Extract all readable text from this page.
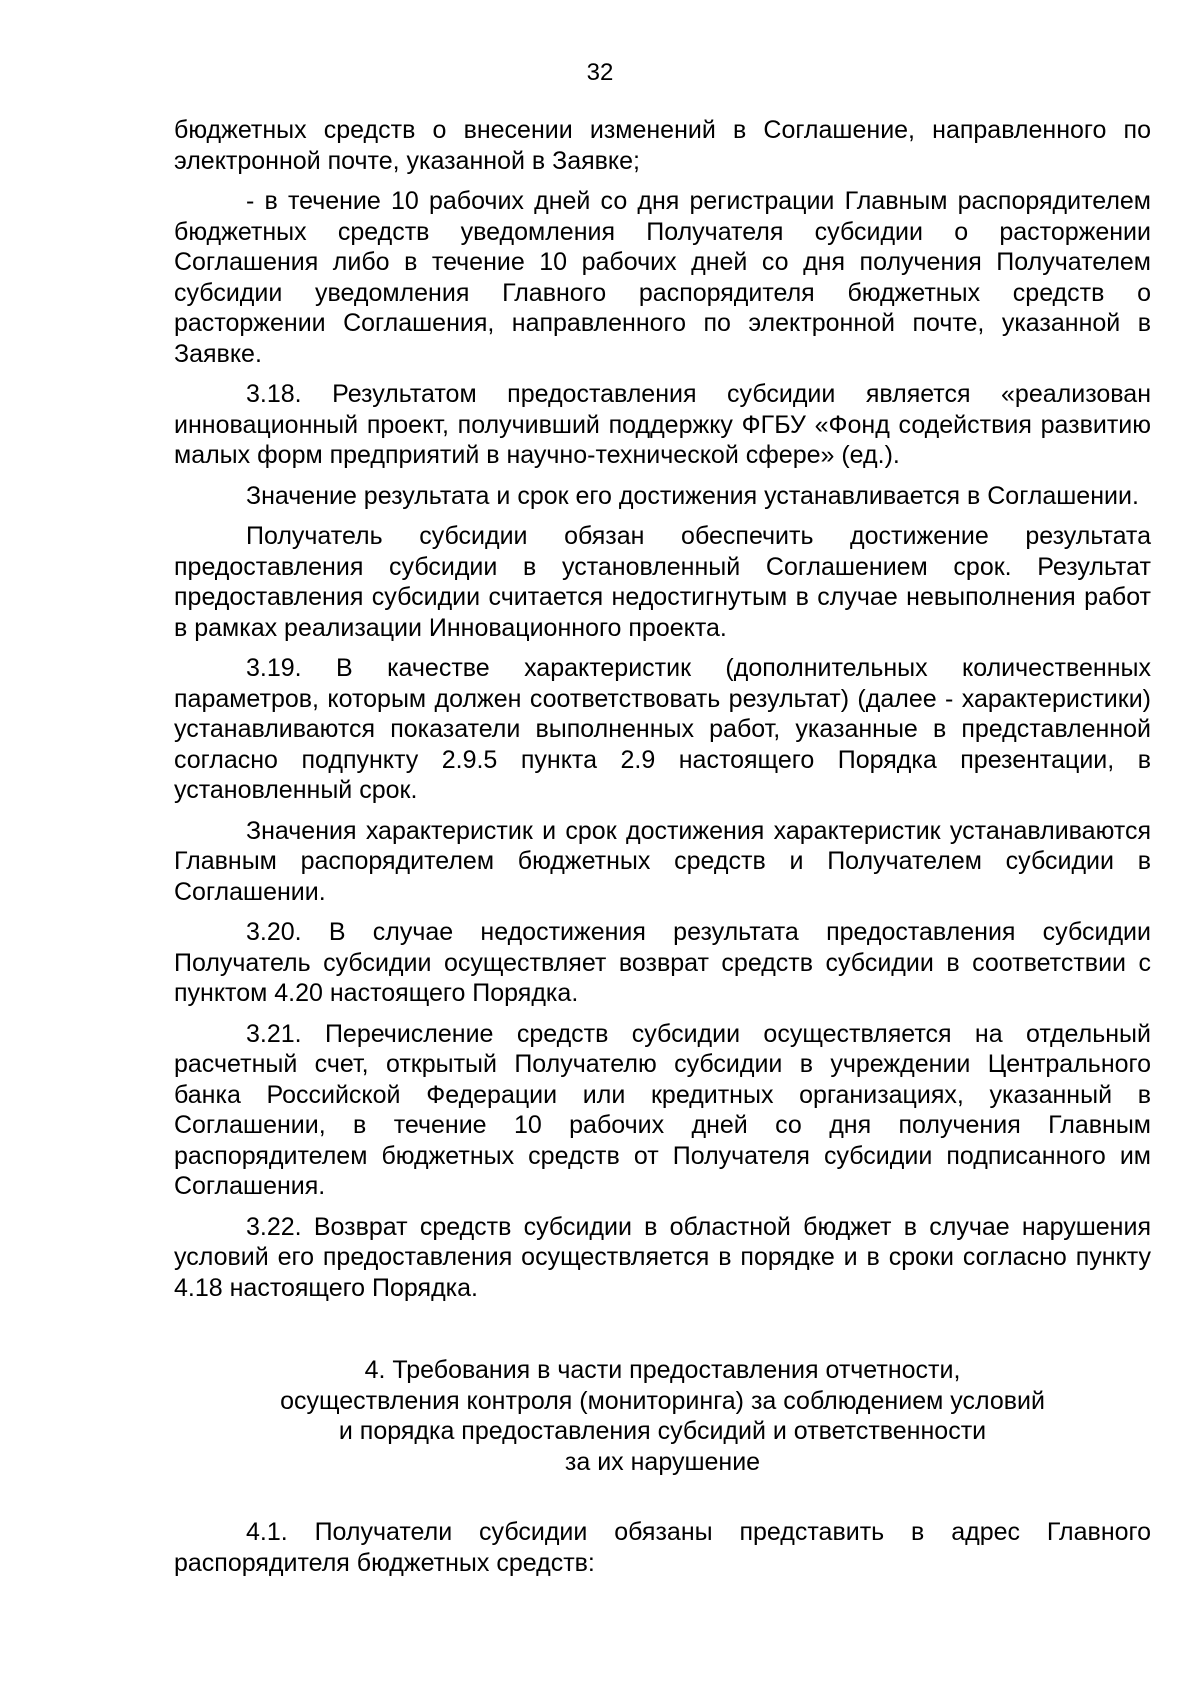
32

бюджетных средств о внесении изменений в Соглашение, направленного по электронной почте, указанной в Заявке;

- в течение 10 рабочих дней со дня регистрации Главным распорядителем бюджетных средств уведомления Получателя субсидии о расторжении Соглашения либо в течение 10 рабочих дней со дня получения Получателем субсидии уведомления Главного распорядителя бюджетных средств о расторжении Соглашения, направленного по электронной почте, указанной в Заявке.

3.18. Результатом предоставления субсидии является «реализован инновационный проект, получивший поддержку ФГБУ «Фонд содействия развитию малых форм предприятий в научно-технической сфере» (ед.).

Значение результата и срок его достижения устанавливается в Соглашении.

Получатель субсидии обязан обеспечить достижение результата предоставления субсидии в установленный Соглашением срок. Результат предоставления субсидии считается недостигнутым в случае невыполнения работ в рамках реализации Инновационного проекта.

3.19. В качестве характеристик (дополнительных количественных параметров, которым должен соответствовать результат) (далее - характеристики) устанавливаются показатели выполненных работ, указанные в представленной согласно подпункту 2.9.5 пункта 2.9 настоящего Порядка презентации, в установленный срок.

Значения характеристик и срок достижения характеристик устанавливаются Главным распорядителем бюджетных средств и Получателем субсидии в Соглашении.

3.20. В случае недостижения результата предоставления субсидии Получатель субсидии осуществляет возврат средств субсидии в соответствии с пунктом 4.20 настоящего Порядка.

3.21. Перечисление средств субсидии осуществляется на отдельный расчетный счет, открытый Получателю субсидии в учреждении Центрального банка Российской Федерации или кредитных организациях, указанный в Соглашении, в течение 10 рабочих дней со дня получения Главным распорядителем бюджетных средств от Получателя субсидии подписанного им Соглашения.

3.22. Возврат средств субсидии в областной бюджет в случае нарушения условий его предоставления осуществляется в порядке и в сроки согласно пункту 4.18 настоящего Порядка.

4. Требования в части предоставления отчетности,
осуществления контроля (мониторинга) за соблюдением условий
и порядка предоставления субсидий и ответственности
за их нарушение

4.1. Получатели субсидии обязаны представить в адрес Главного распорядителя бюджетных средств:
